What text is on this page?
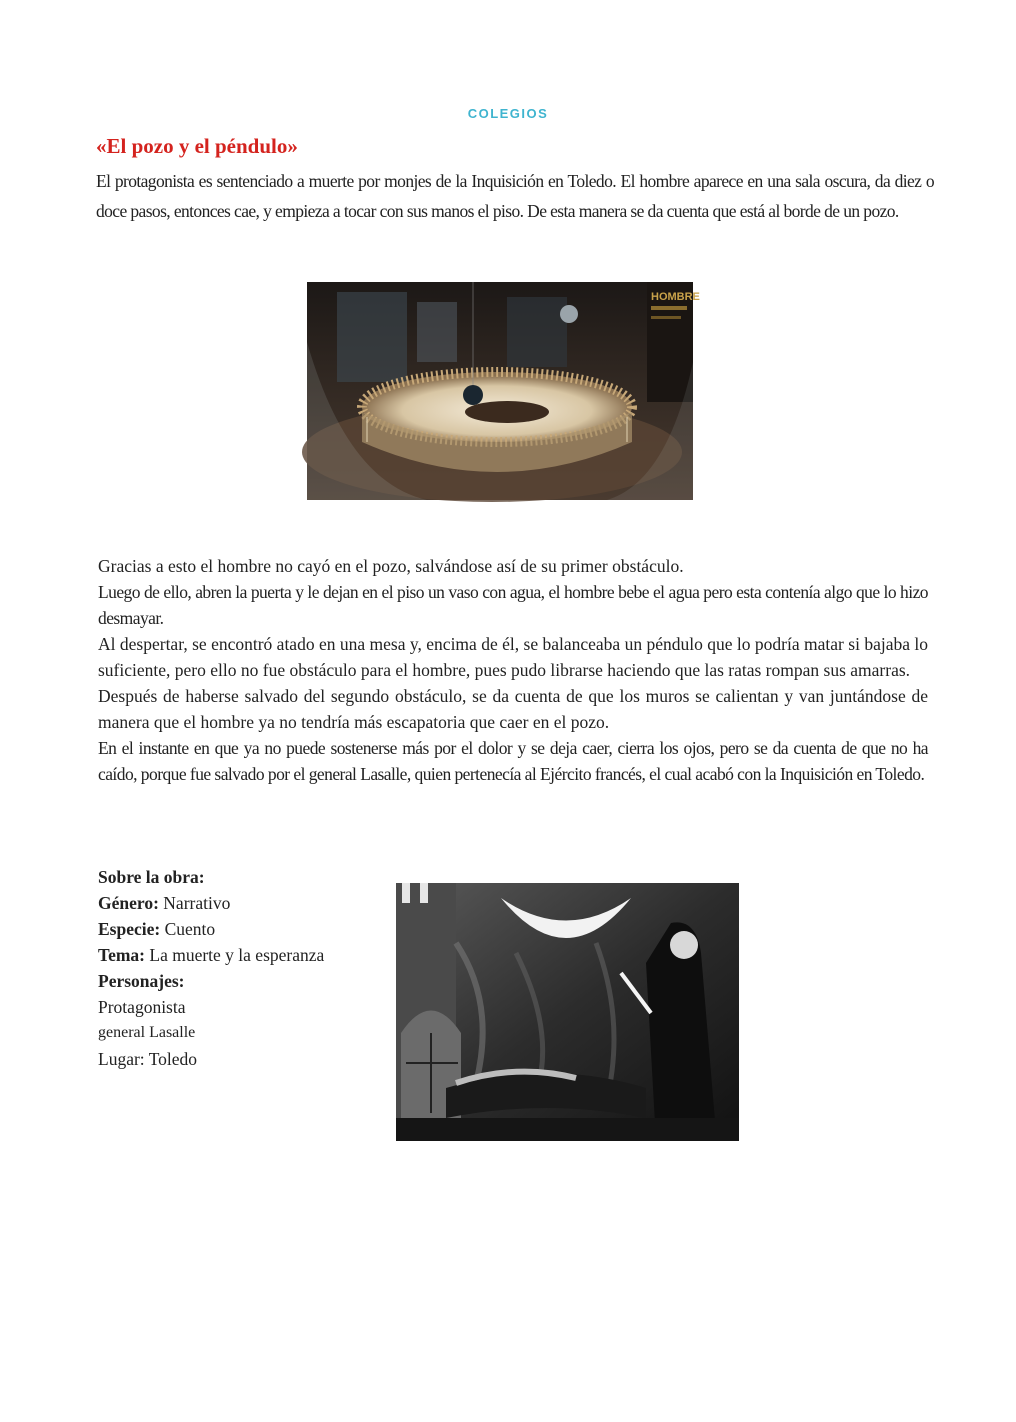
COLEGIOS
«El pozo y el péndulo»
El protagonista es sentenciado a muerte por monjes de la Inquisición en Toledo. El hombre aparece en una sala oscura, da diez o doce pasos, entonces cae, y empieza a tocar con sus manos el piso. De esta manera se da cuenta que está al borde de un pozo.
HOMBRE

Gracias a esto el hombre no cayó en el pozo, salvándose así de su primer obstáculo.

Luego de ello, abren la puerta y le dejan en el piso un vaso con agua, el hombre bebe el agua pero esta contenía algo que lo hizo desmayar.

Al despertar, se encontró atado en una mesa y, encima de él, se balanceaba un péndulo que lo podría matar si bajaba lo suficiente, pero ello no fue obstáculo para el hombre, pues pudo librarse haciendo que las ratas rompan sus amarras.

Después de haberse salvado del segundo obstáculo, se da cuenta de que los muros se calientan y van juntándose de manera que el hombre ya no tendría más escapatoria que caer en el pozo.

En el instante en que ya no puede sostenerse más por el dolor y se deja caer, cierra los ojos, pero se da cuenta de que no ha caído, porque fue salvado por el general Lasalle, quien pertenecía al Ejército francés, el cual acabó con la Inquisición en Toledo.

Sobre la obra:
Género: Narrativo
Especie: Cuento
Tema: La muerte y la esperanza
Personajes:
Protagonista
general Lasalle
Lugar: Toledo
